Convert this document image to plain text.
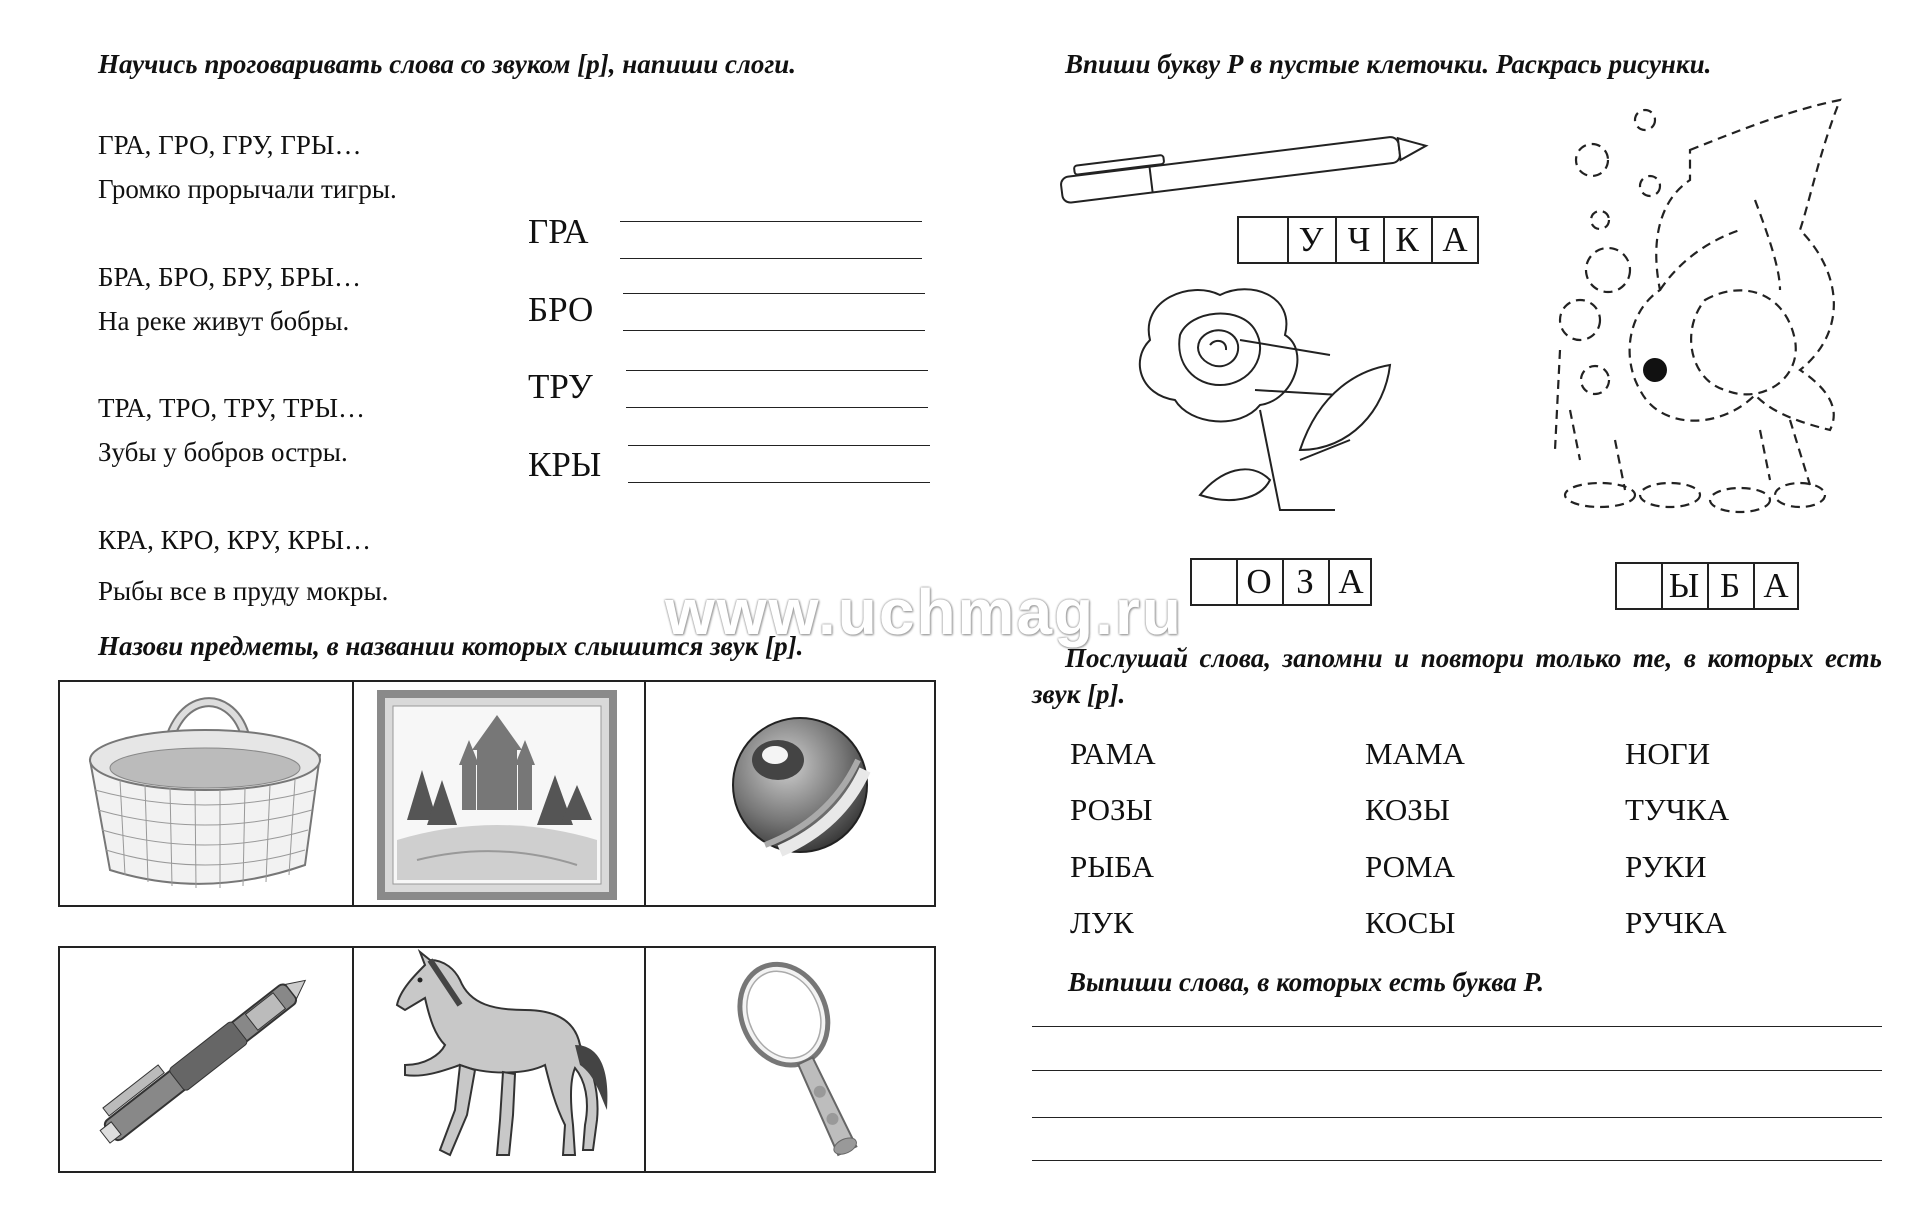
Научись проговаривать слова со звуком [р], напиши слоги.
ГРА, ГРО, ГРУ, ГРЫ…
Громко прорычали тигры.
БРА, БРО, БРУ, БРЫ…
На реке живут бобры.
ТРА, ТРО, ТРУ, ТРЫ…
Зубы у бобров остры.
КРА, КРО, КРУ, КРЫ…
Рыбы все в пруду мокры.
ГРА
БРО
ТРУ
КРЫ
Назови предметы, в названии которых слышится звук [р].
Впиши букву Р в пустые клеточки. Раскрась рисунки.
У Ч К А
О З А	Ы Б А
www.uchmag.ru
Послушай слова, запомни и повтори только те, в которых есть звук [р].
РАМА
РОЗЫ
РЫБА
ЛУК
МАМА
КОЗЫ
РОМА
КОСЫ
НОГИ
ТУЧКА
РУКИ
РУЧКА
Выпиши слова, в которых есть буква Р.
